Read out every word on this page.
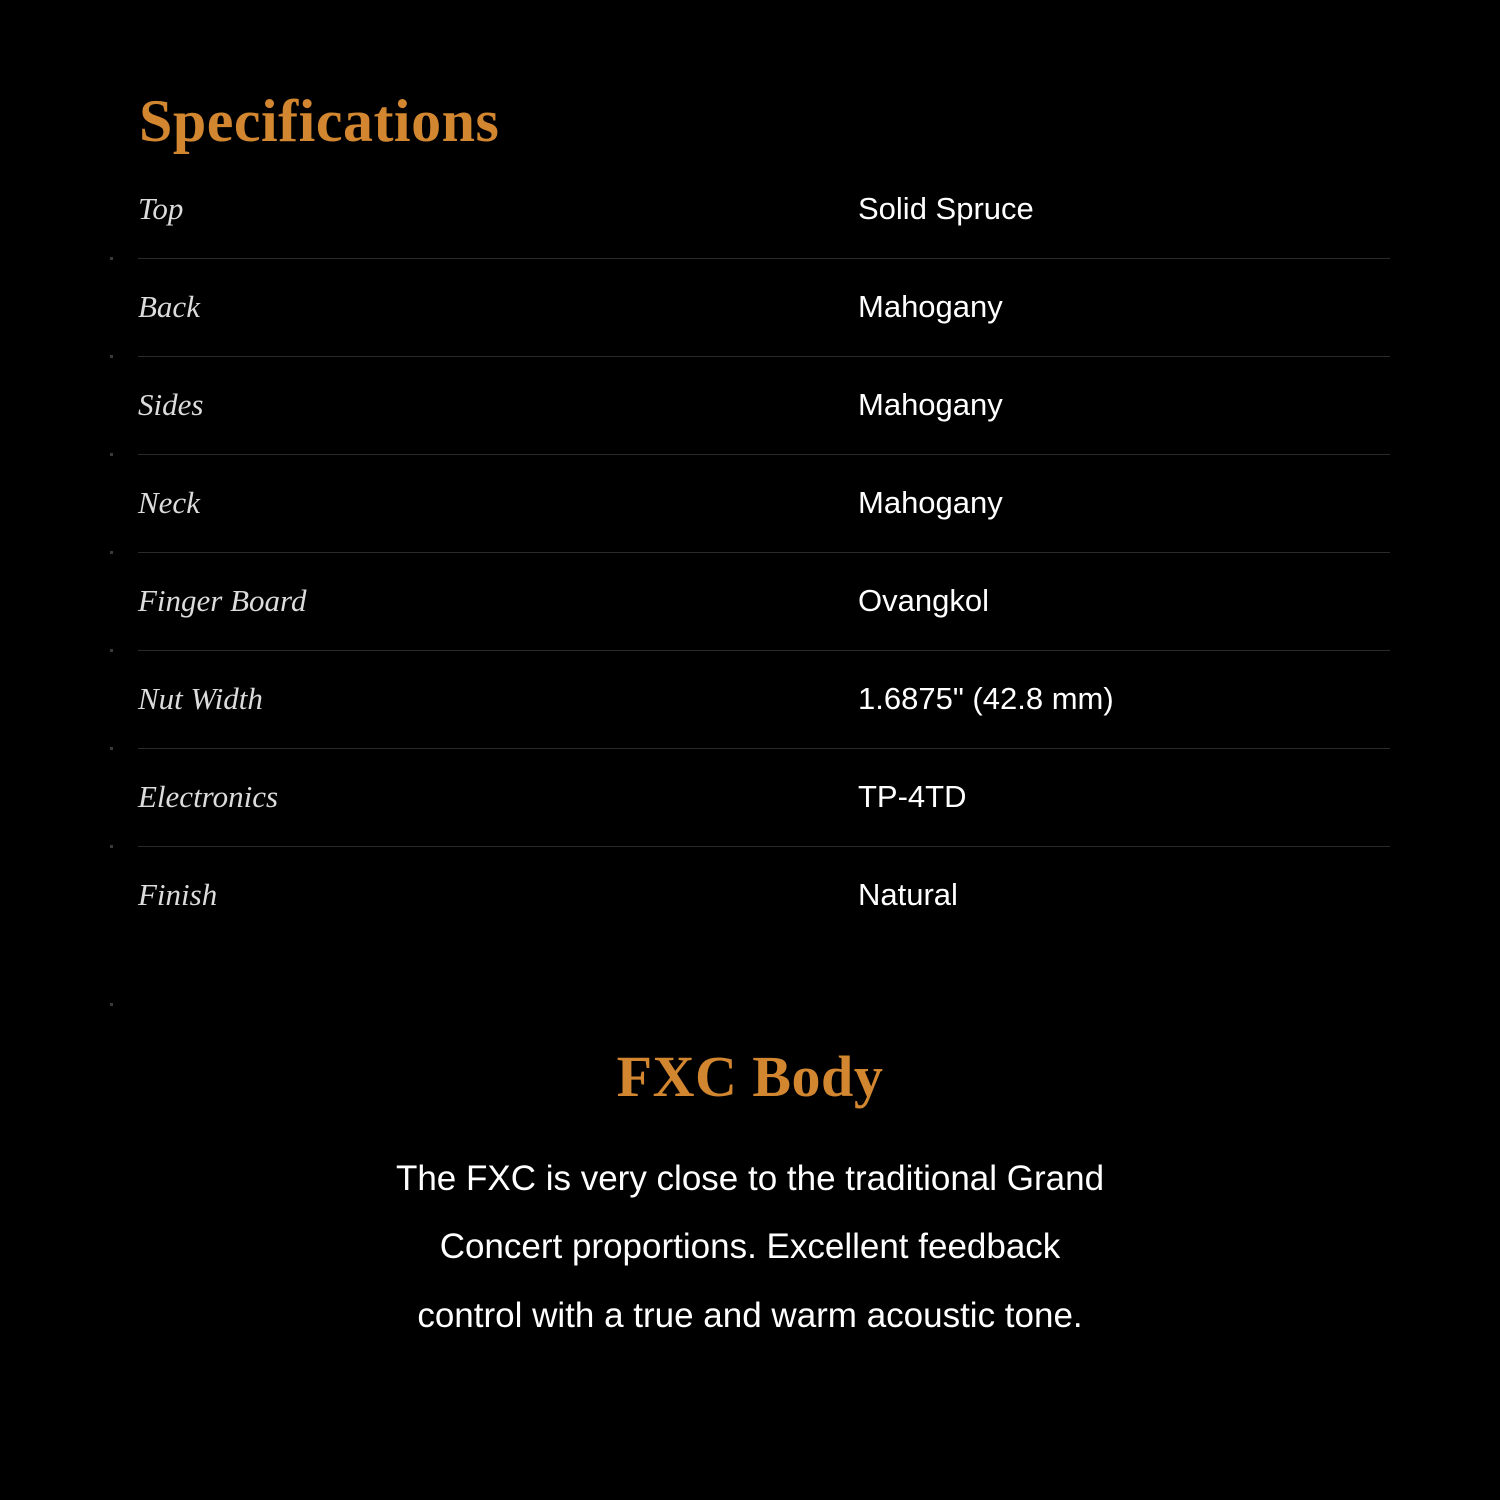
Specifications
Top	Solid Spruce
Back	Mahogany
Sides	Mahogany
Neck	Mahogany
Finger Board	Ovangkol
Nut Width	1.6875" (42.8 mm)
Electronics	TP-4TD
Finish	Natural
FXC Body

The FXC is very close to the traditional Grand Concert proportions. Excellent feedback control with a true and warm acoustic tone.
